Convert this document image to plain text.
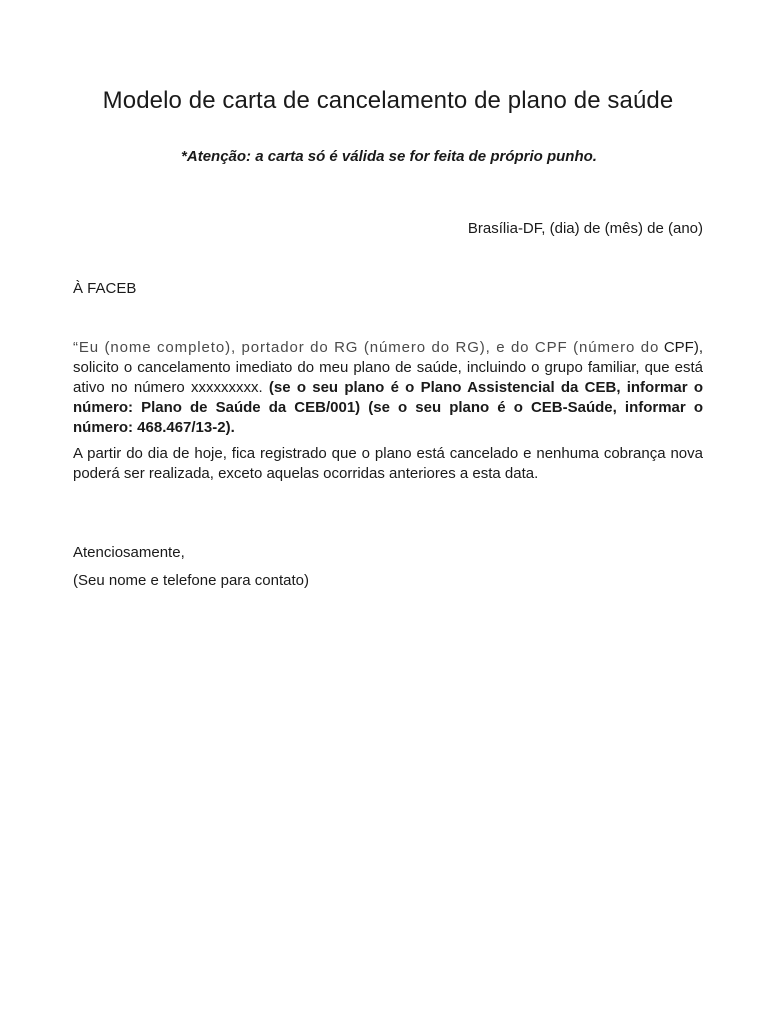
Modelo de carta de cancelamento de plano de saúde
*Atenção: a carta só é válida se for feita de próprio punho.
Brasília-DF, (dia) de (mês) de (ano)
À FACEB

“Eu (nome completo), portador do RG (número do RG), e do CPF (número do CPF), solicito o cancelamento imediato do meu plano de saúde, incluindo o grupo familiar, que está ativo no número xxxxxxxxx. (se o seu plano é o Plano Assistencial da CEB, informar o número: Plano de Saúde da CEB/001) (se o seu plano é o CEB-Saúde, informar o número: 468.467/13-2).

A partir do dia de hoje, fica registrado que o plano está cancelado e nenhuma cobrança nova poderá ser realizada, exceto aquelas ocorridas anteriores a esta data.

Atenciosamente,
(Seu nome e telefone para contato)
